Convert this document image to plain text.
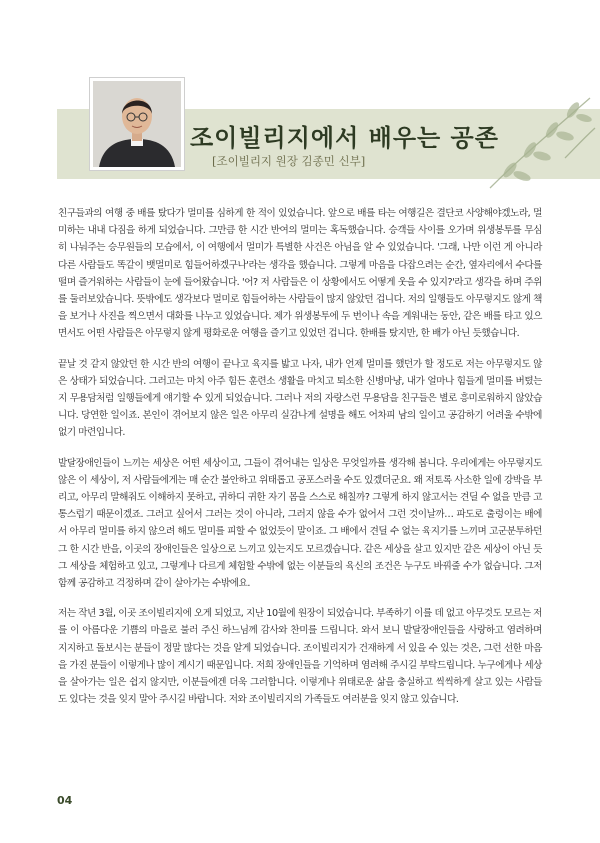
조이빌리지에서 배우는 공존
[조이빌리지 원장 김종민 신부]

친구들과의 여행 중 배를 탔다가 멀미를 심하게 한 적이 있었습니다. 앞으로 배를 타는 여행길은 결단코 사양해야겠노라, 멀미하는 내내 다짐을 하게 되었습니다. 그만큼 한 시간 반여의 멀미는 혹독했습니다. 승객들 사이를 오가며 위생봉투를 무심히 나눠주는 승무원들의 모습에서, 이 여행에서 멀미가 특별한 사건은 아님을 알 수 있었습니다. '그래, 나만 이런 게 아니라 다른 사람들도 똑같이 뱃멀미로 힘들어하겠구나'라는 생각을 했습니다. 그렇게 마음을 다잡으려는 순간, 옆자리에서 수다를 떨며 즐거워하는 사람들이 눈에 들어왔습니다. '어? 저 사람들은 이 상황에서도 어떻게 웃을 수 있지?'라고 생각을 하며 주위를 둘러보았습니다. 뜻밖에도 생각보다 멀미로 힘들어하는 사람들이 많지 않았던 겁니다. 저의 일행들도 아무렇지도 않게 책을 보거나 사진을 찍으면서 대화를 나누고 있었습니다. 제가 위생봉투에 두 번이나 속을 게워내는 동안, 같은 배를 타고 있으면서도 어떤 사람들은 아무렇지 않게 평화로운 여행을 즐기고 있었던 겁니다. 한배를 탔지만, 한 배가 아닌 듯했습니다.

끝날 것 같지 않았던 한 시간 반의 여행이 끝나고 육지를 밟고 나자, 내가 언제 멀미를 했던가 할 정도로 저는 아무렇지도 않은 상태가 되었습니다. 그러고는 마치 아주 힘든 훈련소 생활을 마치고 퇴소한 신병마냥, 내가 얼마나 힘들게 멀미를 버텼는지 무용담처럼 일행들에게 얘기할 수 있게 되었습니다. 그러나 저의 자랑스런 무용담을 친구들은 별로 흥미로워하지 않았습니다. 당연한 일이죠. 본인이 겪어보지 않은 일은 아무리 실감나게 설명을 해도 어차피 남의 일이고 공감하기 어려울 수밖에 없기 마련입니다.

발달장애인들이 느끼는 세상은 어떤 세상이고, 그들이 겪어내는 일상은 무엇일까를 생각해 봅니다. 우리에게는 아무렇지도 않은 이 세상이, 저 사람들에게는 매 순간 불안하고 위태롭고 공포스러울 수도 있겠더군요. 왜 저토록 사소한 일에 강박을 부리고, 아무리 말해줘도 이해하지 못하고, 귀하디 귀한 자기 몸을 스스로 해칠까? 그렇게 하지 않고서는 견딜 수 없을 만큼 고통스럽기 때문이겠죠. 그러고 싶어서 그러는 것이 아니라, 그러지 않을 수가 없어서 그런 것이날까… 파도로 출렁이는 배에서 아무리 멀미를 하지 않으려 해도 멀미를 피할 수 없었듯이 말이죠. 그 배에서 견딜 수 없는 육지기를 느끼며 고군분투하던 그 한 시간 반을, 이곳의 장애인들은 일상으로 느끼고 있는지도 모르겠습니다. 같은 세상을 살고 있지만 같은 세상이 아닌 듯 그 세상을 체험하고 있고, 그렇게나 다르게 체험할 수밖에 없는 이분들의 육신의 조건은 누구도 바꿔줄 수가 없습니다. 그저 함께 공감하고 걱정하며 같이 살아가는 수밖에요.

저는 작년 3월, 이곳 조이빌리지에 오게 되었고, 지난 10월에 원장이 되었습니다. 부족하기 이를 데 없고 아무것도 모르는 저를 이 아름다운 기쁨의 마을로 불러 주신 하느님께 감사와 찬미를 드립니다. 와서 보니 발달장애인들을 사랑하고 염려하며 지지하고 돌보시는 분들이 정말 많다는 것을 알게 되었습니다. 조이빌리지가 건재하게 서 있을 수 있는 것은, 그런 선한 마음을 가진 분들이 이렇게나 많이 계시기 때문입니다. 저희 장애인들을 기억하며 염려해 주시길 부탁드립니다. 누구에게나 세상을 살아가는 일은 쉽지 않지만, 이분들에겐 더욱 그러합니다. 이렇게나 위태로운 삶을 충실하고 씩씩하게 살고 있는 사람들도 있다는 것을 잊지 말아 주시길 바랍니다. 저와 조이빌리지의 가족들도 여러분을 잊지 않고 있습니다.

04
